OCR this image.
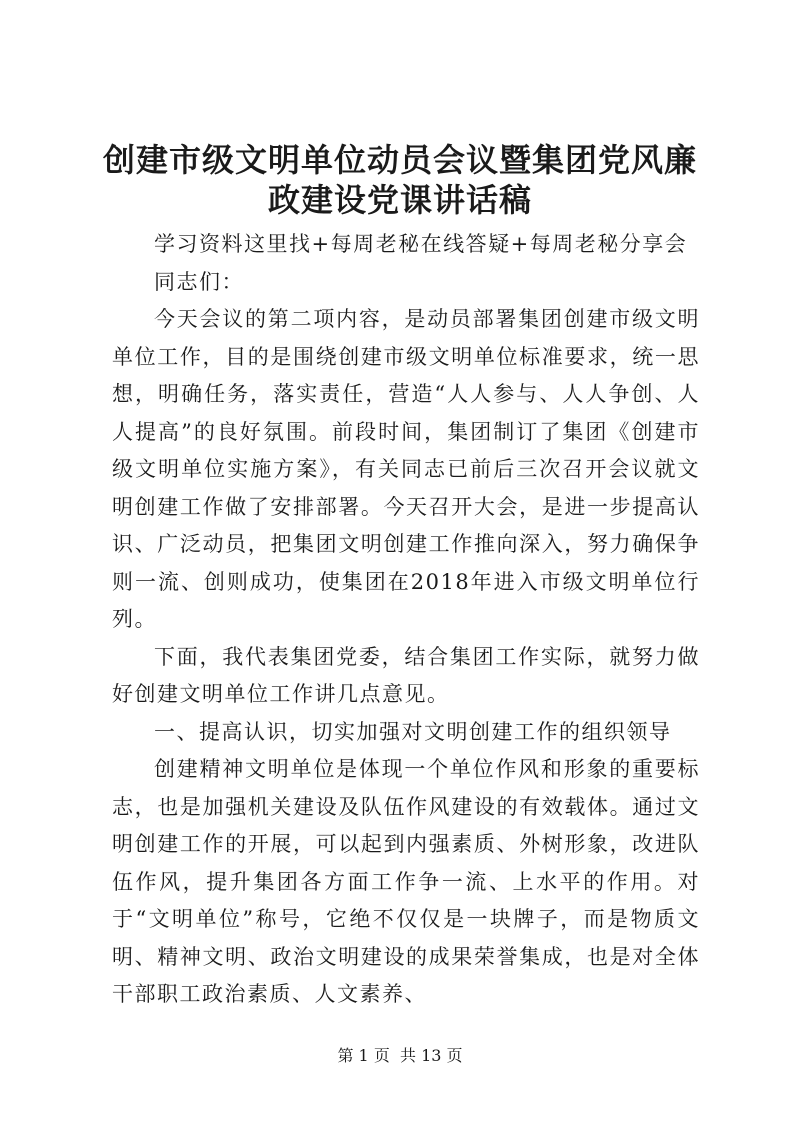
创建市级文明单位动员会议暨集团党风廉政建设党课讲话稿

学习资料这里找+每周老秘在线答疑+每周老秘分享会

同志们：

今天会议的第二项内容，是动员部署集团创建市级文明单位工作，目的是围绕创建市级文明单位标准要求，统一思想，明确任务，落实责任，营造“人人参与、人人争创、人人提高”的良好氛围。前段时间，集团制订了集团《创建市级文明单位实施方案》，有关同志已前后三次召开会议就文明创建工作做了安排部署。今天召开大会，是进一步提高认识、广泛动员，把集团文明创建工作推向深入，努力确保争则一流、创则成功，使集团在2018年进入市级文明单位行列。

下面，我代表集团党委，结合集团工作实际，就努力做好创建文明单位工作讲几点意见。

一、提高认识，切实加强对文明创建工作的组织领导

创建精神文明单位是体现一个单位作风和形象的重要标志，也是加强机关建设及队伍作风建设的有效载体。通过文明创建工作的开展，可以起到内强素质、外树形象，改进队伍作风，提升集团各方面工作争一流、上水平的作用。对于“文明单位”称号，它绝不仅仅是一块牌子，而是物质文明、精神文明、政治文明建设的成果荣誉集成，也是对全体干部职工政治素质、人文素养、

第 1 页  共 13 页
